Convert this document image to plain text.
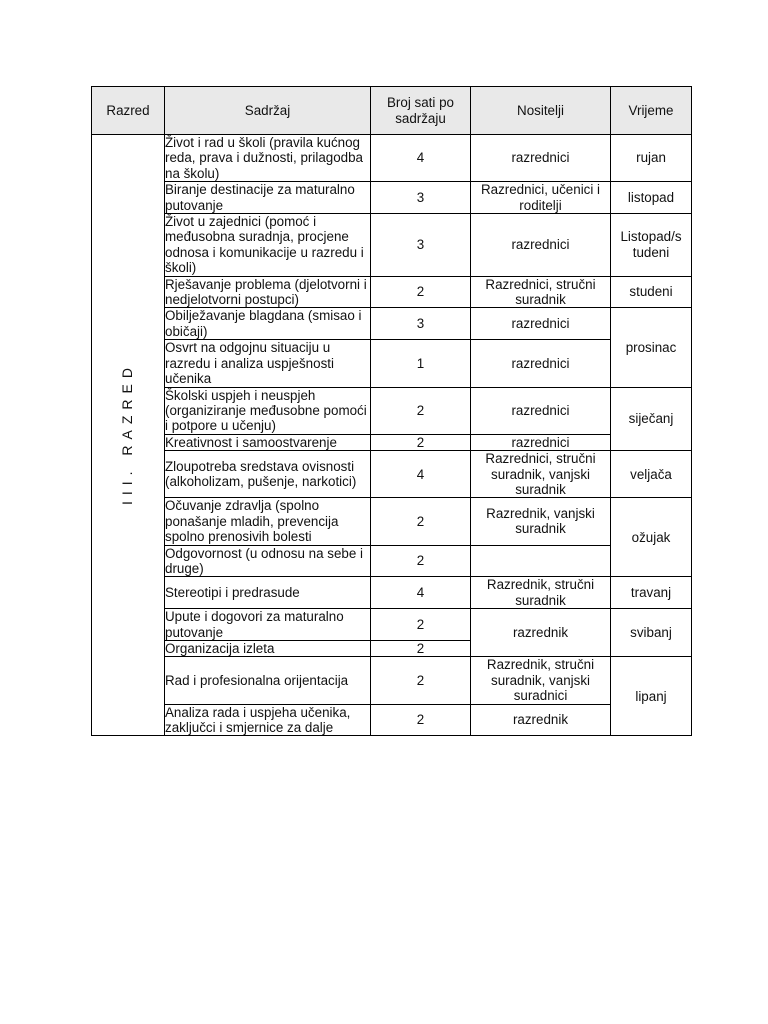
Razred	Sadržaj	Broj sati po sadržaju	Nositelji	Vrijeme
III. RAZRED	Život i rad u školi (pravila kućnog reda, prava i dužnosti, prilagodba na školu)	4	razrednici	rujan
	Biranje destinacije za maturalno putovanje	3	Razrednici, učenici i roditelji	listopad
	Život u zajednici (pomoć i međusobna suradnja, procjene odnosa i komunikacije u razredu i školi)	3	razrednici	Listopad/s tudeni
	Rješavanje problema (djelotvorni i nedjelotvorni postupci)	2	Razrednici, stručni suradnik	studeni
	Obilježavanje blagdana (smisao i običaji)	3	razrednici	prosinac
	Osvrt na odgojnu situaciju u razredu i analiza uspješnosti učenika	1	razrednici	
	Školski uspjeh i neuspjeh (organiziranje međusobne pomoći i potpore u učenju)	2	razrednici	siječanj
	Kreativnost i samoostvarenje	2	razrednici	
	Zloupotreba sredstava ovisnosti (alkoholizam, pušenje, narkotici)	4	Razrednici, stručni suradnik, vanjski suradnik	veljača
	Očuvanje zdravlja (spolno ponašanje mladih, prevencija spolno prenosivih bolesti	2	Razrednik, vanjski suradnik	ožujak
	Odgovornost (u odnosu na sebe i druge)	2		
	Stereotipi i predrasude	4	Razrednik, stručni suradnik	travanj
	Upute i dogovori za maturalno putovanje	2	razrednik	svibanj
	Organizacija izleta	2		
	Rad i profesionalna orijentacija	2	Razrednik, stručni suradnik, vanjski suradnici	lipanj
	Analiza rada i uspjeha učenika, zaključci i smjernice za dalje	2	razrednik	
